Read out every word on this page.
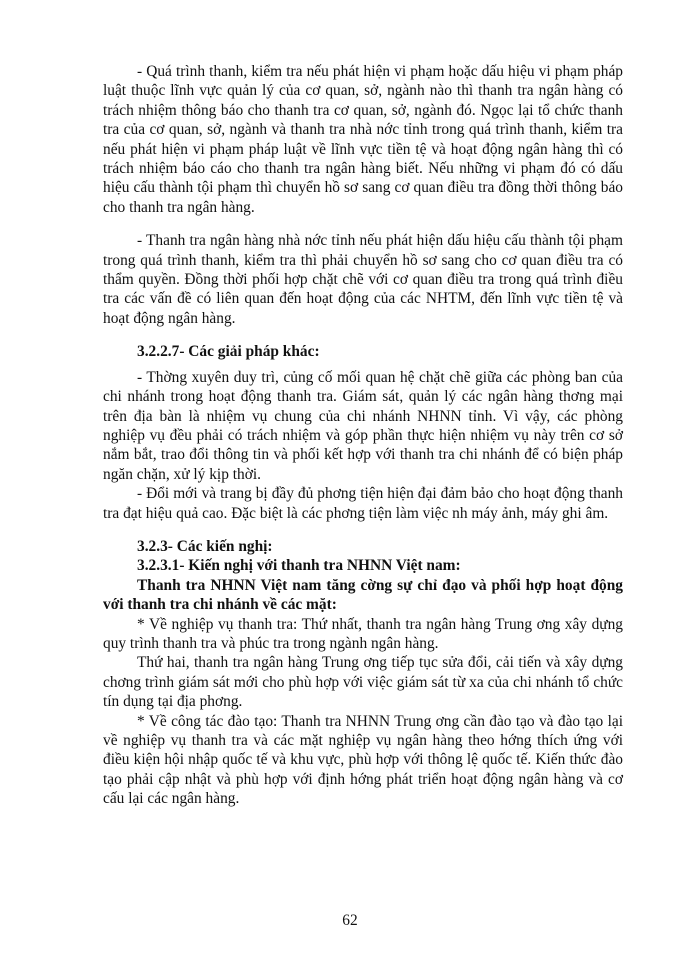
- Quá trình thanh, kiểm tra nếu phát hiện vi phạm hoặc dấu hiệu vi phạm pháp luật thuộc lĩnh vực quản lý của cơ quan, sở, ngành nào thì thanh tra ngân hàng có trách nhiệm thông báo cho thanh tra cơ quan, sở, ngành đó. Ngọc lại tổ chức thanh tra của cơ quan, sở, ngành và thanh tra nhà nớc tỉnh trong quá trình thanh, kiểm tra nếu phát hiện vi phạm pháp luật về lĩnh vực tiền tệ và hoạt động ngân hàng thì có trách nhiệm báo cáo cho thanh tra ngân hàng biết. Nếu những vi phạm đó có dấu hiệu cấu thành tội phạm thì chuyển hồ sơ sang cơ quan điều tra đồng thời thông báo cho thanh tra ngân hàng.

- Thanh tra ngân hàng nhà nớc tỉnh nếu phát hiện dấu hiệu cấu thành tội phạm trong quá trình thanh, kiểm tra thì phải chuyển hồ sơ sang cho cơ quan điều tra có thẩm quyền. Đồng thời phối hợp chặt chẽ với cơ quan điều tra trong quá trình điều tra các vấn đề có liên quan đến hoạt động của các NHTM, đến lĩnh vực tiền tệ và hoạt động ngân hàng.

3.2.2.7- Các giải pháp khác:

- Thờng xuyên duy trì, củng cố mối quan hệ chặt chẽ giữa các phòng ban của chi nhánh trong hoạt động thanh tra. Giám sát, quản lý các ngân hàng thơng mại trên địa bàn là nhiệm vụ chung của chi nhánh NHNN tỉnh. Vì vậy, các phòng nghiệp vụ đều phải có trách nhiệm và góp phần thực hiện nhiệm vụ này trên cơ sở nắm bắt, trao đổi thông tin và phối kết hợp với thanh tra chi nhánh để có biện pháp ngăn chặn, xử lý kịp thời.

- Đổi mới và trang bị đầy đủ phơng tiện hiện đại đảm bảo cho hoạt động thanh tra đạt hiệu quả cao. Đặc biệt là các phơng tiện làm việc nh máy ảnh, máy ghi âm.

3.2.3- Các kiến nghị:

3.2.3.1- Kiến nghị với thanh tra NHNN Việt nam:

Thanh tra NHNN Việt nam tăng cờng sự chỉ đạo và phối hợp hoạt động với thanh tra chi nhánh về các mặt:

* Về nghiệp vụ thanh tra: Thứ nhất, thanh tra ngân hàng Trung ơng xây dựng quy trình thanh tra và phúc tra trong ngành ngân hàng.

Thứ hai, thanh tra ngân hàng Trung ơng tiếp tục sửa đổi, cải tiến và xây dựng chơng trình giám sát mới cho phù hợp với việc giám sát từ xa của chi nhánh tổ chức tín dụng tại địa phơng.

* Về công tác đào tạo: Thanh tra NHNN Trung ơng cần đào tạo và đào tạo lại về nghiệp vụ thanh tra và các mặt nghiệp vụ ngân hàng theo hớng thích ứng với điều kiện hội nhập quốc tế và khu vực, phù hợp với thông lệ quốc tế. Kiến thức đào tạo phải cập nhật và phù hợp với định hớng phát triển hoạt động ngân hàng và cơ cấu lại các ngân hàng.

62
